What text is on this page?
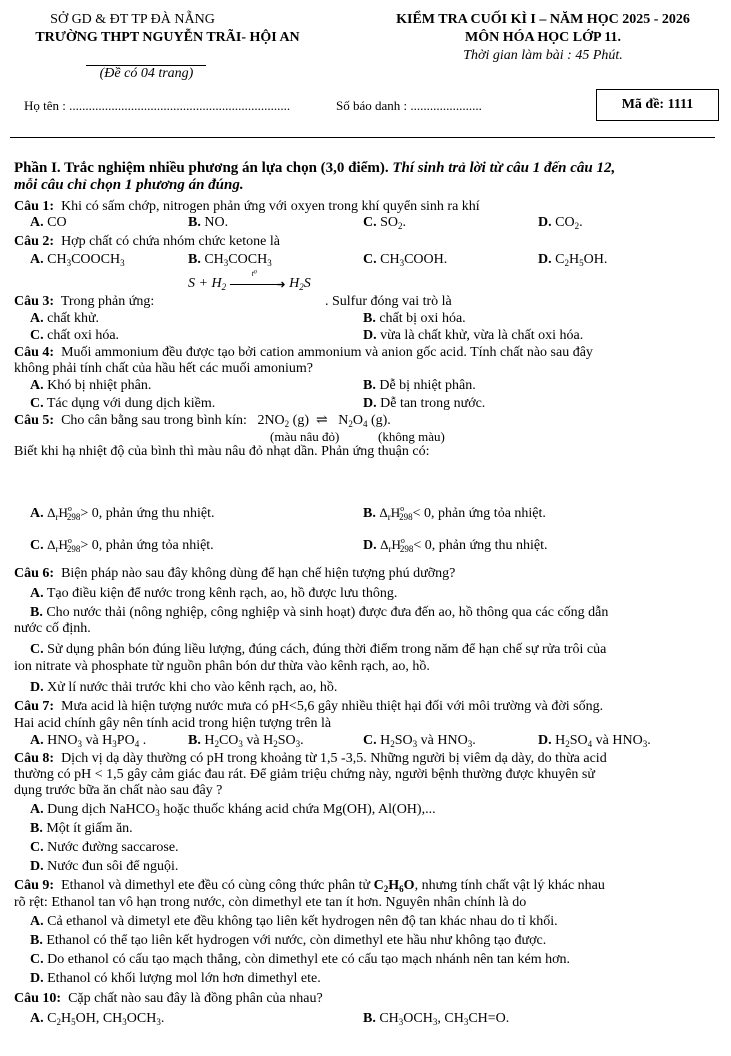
SỞ GD & ĐT TP ĐÀ NẴNG
TRƯỜNG THPT NGUYỄN TRÃI- HỘI AN
(Đề có 04 trang)
KIỂM TRA CUỐI KÌ I – NĂM HỌC 2025 - 2026
MÔN HÓA HỌC LỚP 11.
Thời gian làm bài : 45 Phút.
Họ tên : ....................................................................	Số báo danh : ......................	Mã đề: 1111
Phần I. Trắc nghiệm nhiều phương án lựa chọn (3,0 điểm). Thí sinh trả lời từ câu 1 đến câu 12,
mỗi câu chỉ chọn 1 phương án đúng.
Câu 1: Khi có sấm chớp, nitrogen phản ứng với oxyen trong khí quyển sinh ra khí
A. CO	B. NO.	C. $SO_2$.	D. $CO_2$.
Câu 2: Hợp chất có chứa nhóm chức ketone là
A. $CH_3COOCH_3$	B. $CH_3COCH_3$	C. $CH_3COOH$.	D. $C_2H_5OH$.
Câu 3: Trong phản ứng:
$S + H_2$	➜
t⁰
$H_2S$
. Sulfur đóng vai trò là
A. chất khử.	B. chất bị oxi hóa.
C. chất oxi hóa.	D. vừa là chất khử, vừa là chất oxi hóa.
Câu 4: Muối ammonium đều được tạo bởi cation ammonium và anion gốc acid. Tính chất nào sau đây
không phải tính chất của hầu hết các muối amonium?
A. Khó bị nhiệt phân.	B. Dễ bị nhiệt phân.
C. Tác dụng với dung dịch kiềm.	D. Dễ tan trong nước.
Câu 5: Cho cân bằng sau trong bình kín:   $2NO_2$ (g)  ⇌   $N_2O_4$ (g).
(màu nâu đỏ)	(không màu)
Biết khi hạ nhiệt độ của bình thì màu nâu đỏ nhạt dần. Phản ứng thuận có:
A. $\Delta_rH^o_{298}> 0$, phản ứng thu nhiệt.	B. $\Delta_rH^o_{298}< 0$, phản ứng tỏa nhiệt.
C. $\Delta_rH^o_{298}> 0$, phản ứng tỏa nhiệt.	D. $\Delta_rH^o_{298}< 0$, phản ứng thu nhiệt.
Câu 6: Biện pháp nào sau đây không dùng để hạn chế hiện tượng phú dưỡng?
A. Tạo điều kiện để nước trong kênh rạch, ao, hồ được lưu thông.
B. Cho nước thải (nông nghiệp, công nghiệp và sinh hoạt) được đưa đến ao, hồ thông qua các cống dẫn
nước cố định.
C. Sử dụng phân bón đúng liều lượng, đúng cách, đúng thời điểm trong năm để hạn chế sự rửa trôi của
ion nitrate và phosphate từ nguồn phân bón dư thừa vào kênh rạch, ao, hồ.
D. Xử lí nước thải trước khi cho vào kênh rạch, ao, hồ.
Câu 7: Mưa acid là hiện tượng nước mưa có pH<5,6 gây nhiều thiệt hại đối với môi trường và đời sống.
Hai acid chính gây nên tính acid trong hiện tượng trên là
A. $HNO_3$ và $H_3PO_4$ .	B. $H_2CO_3$ và $H_2SO_3$.	C. $H_2SO_3$ và $HNO_3$.	D. $H_2SO_4$ và $HNO_3$.
Câu 8: Dịch vị dạ dày thường có pH trong khoảng từ 1,5 -3,5. Những người bị viêm dạ dày, do thừa acid
thường có pH < 1,5 gây cảm giác đau rát. Để giảm triệu chứng này, người bệnh thường được khuyên sử
dụng trước bữa ăn chất nào sau đây ?
A. Dung dịch NaHCO$_3$ hoặc thuốc kháng acid chứa Mg(OH), Al(OH),...
B. Một ít giấm ăn.
C. Nước đường saccarose.
D. Nước đun sôi để nguội.
Câu 9: Ethanol và dimethyl ete đều có cùng công thức phân tử $C_2H_6O$, nhưng tính chất vật lý khác nhau
rõ rệt: Ethanol tan vô hạn trong nước, còn dimethyl ete tan ít hơn. Nguyên nhân chính là do
A. Cả ethanol và dimetyl ete đều không tạo liên kết hydrogen nên độ tan khác nhau do tỉ khối.
B. Ethanol có thể tạo liên kết hydrogen với nước, còn dimethyl ete hầu như không tạo được.
C. Do ethanol có cấu tạo mạch thẳng, còn dimethyl ete có cấu tạo mạch nhánh nên tan kém hơn.
D. Ethanol có khối lượng mol lớn hơn dimethyl ete.
Câu 10: Cặp chất nào sau đây là đồng phân của nhau?
A. $C_2H_5OH$, $CH_3OCH_3$.	B. $CH_3OCH_3$, $CH_3CH=O$.
